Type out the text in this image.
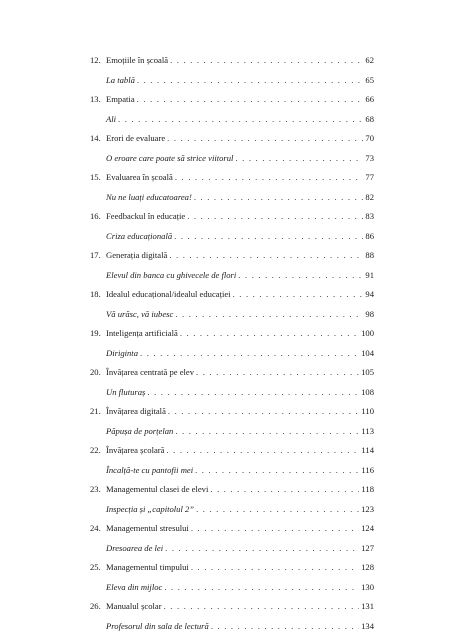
12. Emoțiile în școală . . .	62
La tablă . . .	65
13. Empatia . . .	66
Ali . . .	68
14. Erori de evaluare . . .	70
O eroare care poate să strice viitorul . . .	73
15. Evaluarea în școală . . .	77
Nu ne luați educatoarea! . . .	82
16. Feedbackul în educație . . .	83
Criza educațională . . .	86
17. Generația digitală . . .	88
Elevul din banca cu ghivecele de flori . . .	91
18. Idealul educațional/idealul educației . . .	94
Vă urăsc, vă iubesc . . .	98
19. Inteligența artificială . . .	100
Diriginta . . .	104
20. Învățarea centrată pe elev . . .	105
Un fluturaș . . .	108
21. Învățarea digitală . . .	110
Păpușa de porțelan . . .	113
22. Învățarea școlară . . .	114
Încalță-te cu pantofii mei . . .	116
23. Managementul clasei de elevi . . .	118
Inspecția și „capitolul 2” . . .	123
24. Managementul stresului . . .	124
Dresoarea de lei . . .	127
25. Managementul timpului . . .	128
Eleva din mijloc . . .	130
26. Manualul școlar . . .	131
Profesorul din sala de lectură . . .	134
